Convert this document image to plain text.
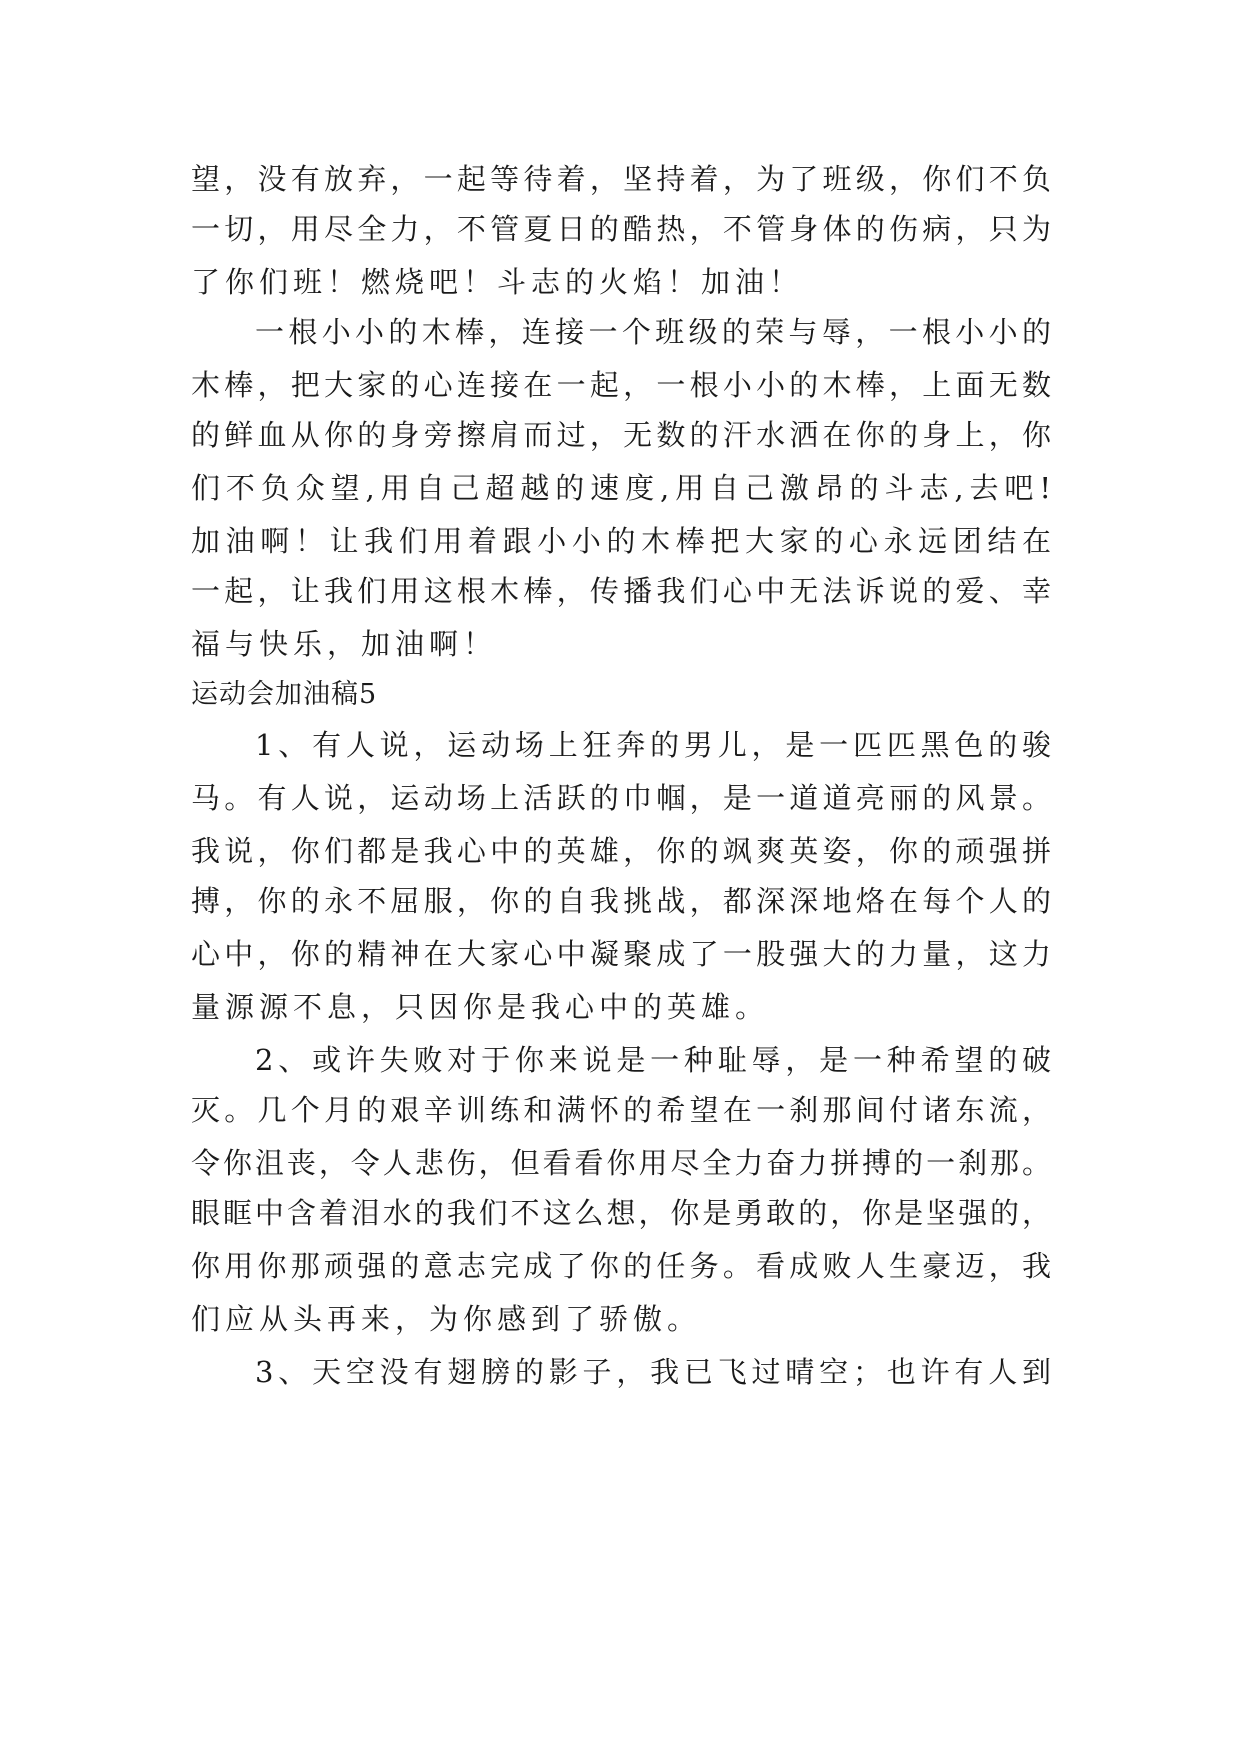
望，没有放弃，一起等待着，坚持着，为了班级，你们不负
一切，用尽全力，不管夏日的酷热，不管身体的伤病，只为
了你们班！燃烧吧！斗志的火焰！加油！
一根小小的木棒，连接一个班级的荣与辱，一根小小的
木棒，把大家的心连接在一起，一根小小的木棒，上面无数
的鲜血从你的身旁擦肩而过，无数的汗水洒在你的身上，你
们不负众望,用自己超越的速度,用自己激昂的斗志,去吧!
加油啊！让我们用着跟小小的木棒把大家的心永远团结在
一起，让我们用这根木棒，传播我们心中无法诉说的爱、幸
福与快乐，加油啊！
运动会加油稿5
1、有人说，运动场上狂奔的男儿，是一匹匹黑色的骏
马。有人说，运动场上活跃的巾帼，是一道道亮丽的风景。
我说，你们都是我心中的英雄，你的飒爽英姿，你的顽强拼
搏，你的永不屈服，你的自我挑战，都深深地烙在每个人的
心中，你的精神在大家心中凝聚成了一股强大的力量，这力
量源源不息，只因你是我心中的英雄。
2、或许失败对于你来说是一种耻辱，是一种希望的破
灭。几个月的艰辛训练和满怀的希望在一刹那间付诸东流，
令你沮丧，令人悲伤，但看看你用尽全力奋力拼搏的一刹那。
眼眶中含着泪水的我们不这么想，你是勇敢的，你是坚强的，
你用你那顽强的意志完成了你的任务。看成败人生豪迈，我
们应从头再来，为你感到了骄傲。
3、天空没有翅膀的影子，我已飞过晴空；也许有人到
